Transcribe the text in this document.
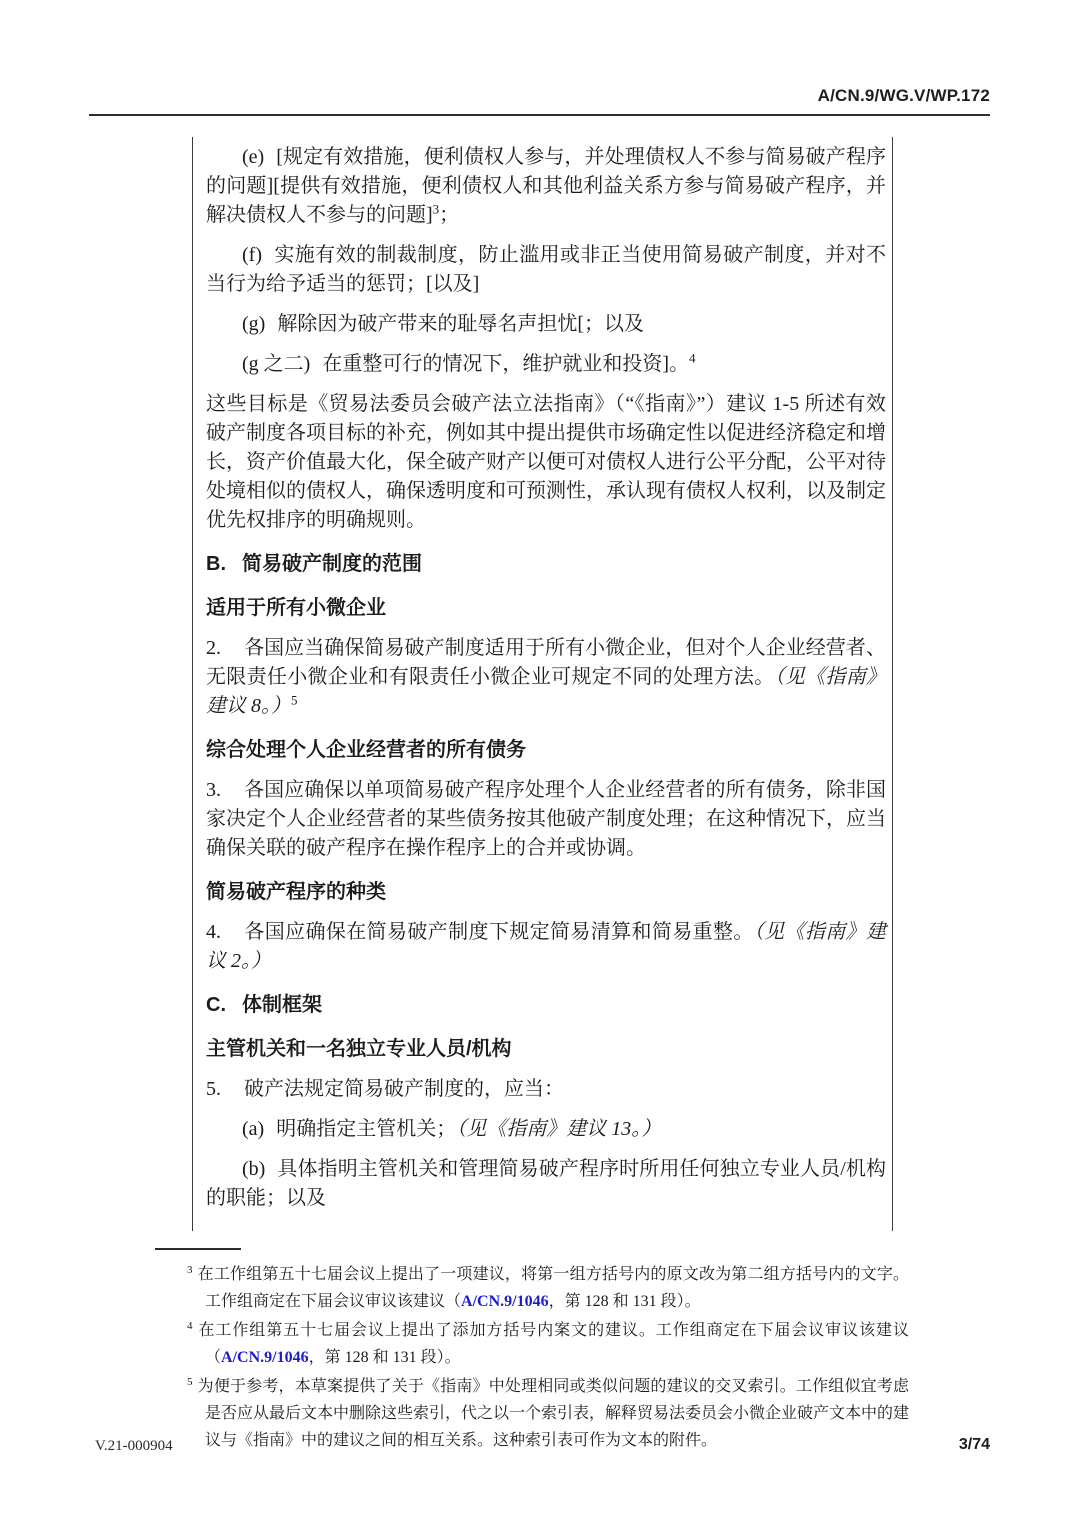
A/CN.9/WG.V/WP.172

(e) [规定有效措施，便利债权人参与，并处理债权人不参与简易破产程序的问题][提供有效措施，便利债权人和其他利益关系方参与简易破产程序，并解决债权人不参与的问题]$^3$；

(f) 实施有效的制裁制度，防止滥用或非正当使用简易破产制度，并对不当行为给予适当的惩罚；[以及]

(g) 解除因为破产带来的耻辱名声担忧[；以及

(g 之二) 在重整可行的情况下，维护就业和投资]。$^4$

这些目标是《贸易法委员会破产法立法指南》（“《指南》”）建议 1-5 所述有效破产制度各项目标的补充，例如其中提出提供市场确定性以促进经济稳定和增长，资产价值最大化，保全破产财产以便可对债权人进行公平分配，公平对待处境相似的债权人，确保透明度和可预测性，承认现有债权人权利，以及制定优先权排序的明确规则。

B. 简易破产制度的范围

适用于所有小微企业

2. 各国应当确保简易破产制度适用于所有小微企业，但对个人企业经营者、无限责任小微企业和有限责任小微企业可规定不同的处理方法。（见《指南》建议 8。）$^5$

综合处理个人企业经营者的所有债务

3. 各国应确保以单项简易破产程序处理个人企业经营者的所有债务，除非国家决定个人企业经营者的某些债务按其他破产制度处理；在这种情况下，应当确保关联的破产程序在操作程序上的合并或协调。

简易破产程序的种类

4. 各国应确保在简易破产制度下规定简易清算和简易重整。（见《指南》建议 2。）

C. 体制框架

主管机关和一名独立专业人员/机构

5. 破产法规定简易破产制度的，应当：

(a) 明确指定主管机关；（见《指南》建议 13。）

(b) 具体指明主管机关和管理简易破产程序时所用任何独立专业人员/机构的职能；以及

$^3$ 在工作组第五十七届会议上提出了一项建议，将第一组方括号内的原文改为第二组方括号内的文字。工作组商定在下届会议审议该建议（A/CN.9/1046，第 128 和 131 段）。
$^4$ 在工作组第五十七届会议上提出了添加方括号内案文的建议。工作组商定在下届会议审议该建议（A/CN.9/1046，第 128 和 131 段）。
$^5$ 为便于参考，本草案提供了关于《指南》中处理相同或类似问题的建议的交叉索引。工作组似宜考虑是否应从最后文本中删除这些索引，代之以一个索引表，解释贸易法委员会小微企业破产文本中的建议与《指南》中的建议之间的相互关系。这种索引表可作为文本的附件。
V.21-000904	3/74
